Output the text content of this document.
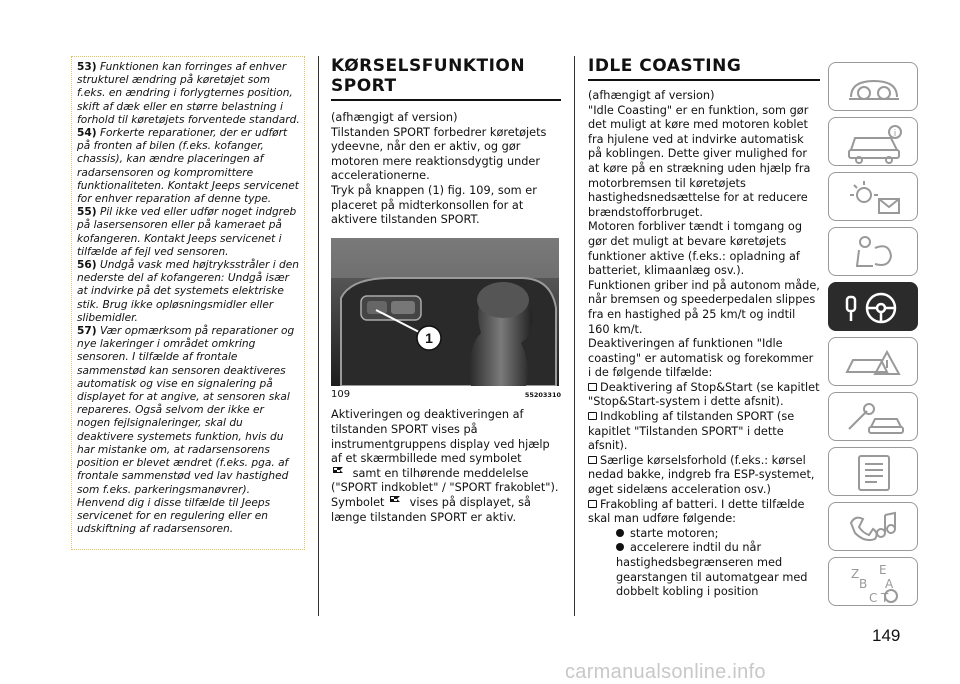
53) Funktionen kan forringes af enhver strukturel ændring på køretøjet som f.eks. en ændring i forlygternes position, skift af dæk eller en større belastning i forhold til køretøjets forventede standard.

54) Forkerte reparationer, der er udført på fronten af bilen (f.eks. kofanger, chassis), kan ændre placeringen af radarsensoren og kompromittere funktionaliteten. Kontakt Jeeps servicenet for enhver reparation af denne type.

55) Pil ikke ved eller udfør noget indgreb på lasersensoren eller på kameraet på kofangeren. Kontakt Jeeps servicenet i tilfælde af fejl ved sensoren.

56) Undgå vask med højtryksstråler i den nederste del af kofangeren: Undgå især at indvirke på det systemets elektriske stik. Brug ikke opløsningsmidler eller slibemidler.

57) Vær opmærksom på reparationer og nye lakeringer i området omkring sensoren. I tilfælde af frontale sammenstød kan sensoren deaktiveres automatisk og vise en signalering på displayet for at angive, at sensoren skal repareres. Også selvom der ikke er nogen fejlsignaleringer, skal du deaktivere systemets funktion, hvis du har mistanke om, at radarsensorens position er blevet ændret (f.eks. pga. af frontale sammenstød ved lav hastighed som f.eks. parkeringsmanøvrer). Henvend dig i disse tilfælde til Jeeps servicenet for en regulering eller en udskiftning af radarsensoren.

KØRSELSFUNKTION
SPORT

(afhængigt af version)
Tilstanden SPORT forbedrer køretøjets ydeevne, når den er aktiv, og gør motoren mere reaktionsdygtig under accelerationerne.
Tryk på knappen (1) fig. 109, som er placeret på midterkonsollen for at aktivere tilstanden SPORT.

1
109	55203310

Aktiveringen og deaktiveringen af tilstanden SPORT vises på instrumentgruppens display ved hjælp af et skærmbillede med symbolet
samt en tilhørende meddelelse ("SPORT indkoblet" / "SPORT frakoblet"). Symbolet  vises på displayet, så længe tilstanden SPORT er aktiv.

IDLE COASTING

(afhængigt af version)
"Idle Coasting" er en funktion, som gør det muligt at køre med motoren koblet fra hjulene ved at indvirke automatisk på koblingen. Dette giver mulighed for at køre på en strækning uden hjælp fra motorbremsen til køretøjets hastighedsnedsættelse for at reducere brændstofforbruget.
Motoren forbliver tændt i tomgang og gør det muligt at bevare køretøjets funktioner aktive (f.eks.: opladning af batteriet, klimaanlæg osv.).
Funktionen griber ind på autonom måde, når bremsen og speederpedalen slippes fra en hastighed på 25 km/t og indtil 160 km/t.
Deaktiveringen af funktionen "Idle coasting" er automatisk og forekommer i de følgende tilfælde:

Deaktivering af Stop&Start (se kapitlet "Stop&Start-system i dette afsnit).

Indkobling af tilstanden SPORT (se kapitlet "Tilstanden SPORT" i dette afsnit).

Særlige kørselsforhold (f.eks.: kørsel nedad bakke, indgreb fra ESP-systemet, øget sidelæns acceleration osv.)

Frakobling af batteri. I dette tilfælde skal man udføre følgende:

starte motoren;

accelerere indtil du når hastighedsbegrænseren med gearstangen til automatgear med dobbelt kobling i position

i
Z E
B A
C T
149
carmanualsonline.info
